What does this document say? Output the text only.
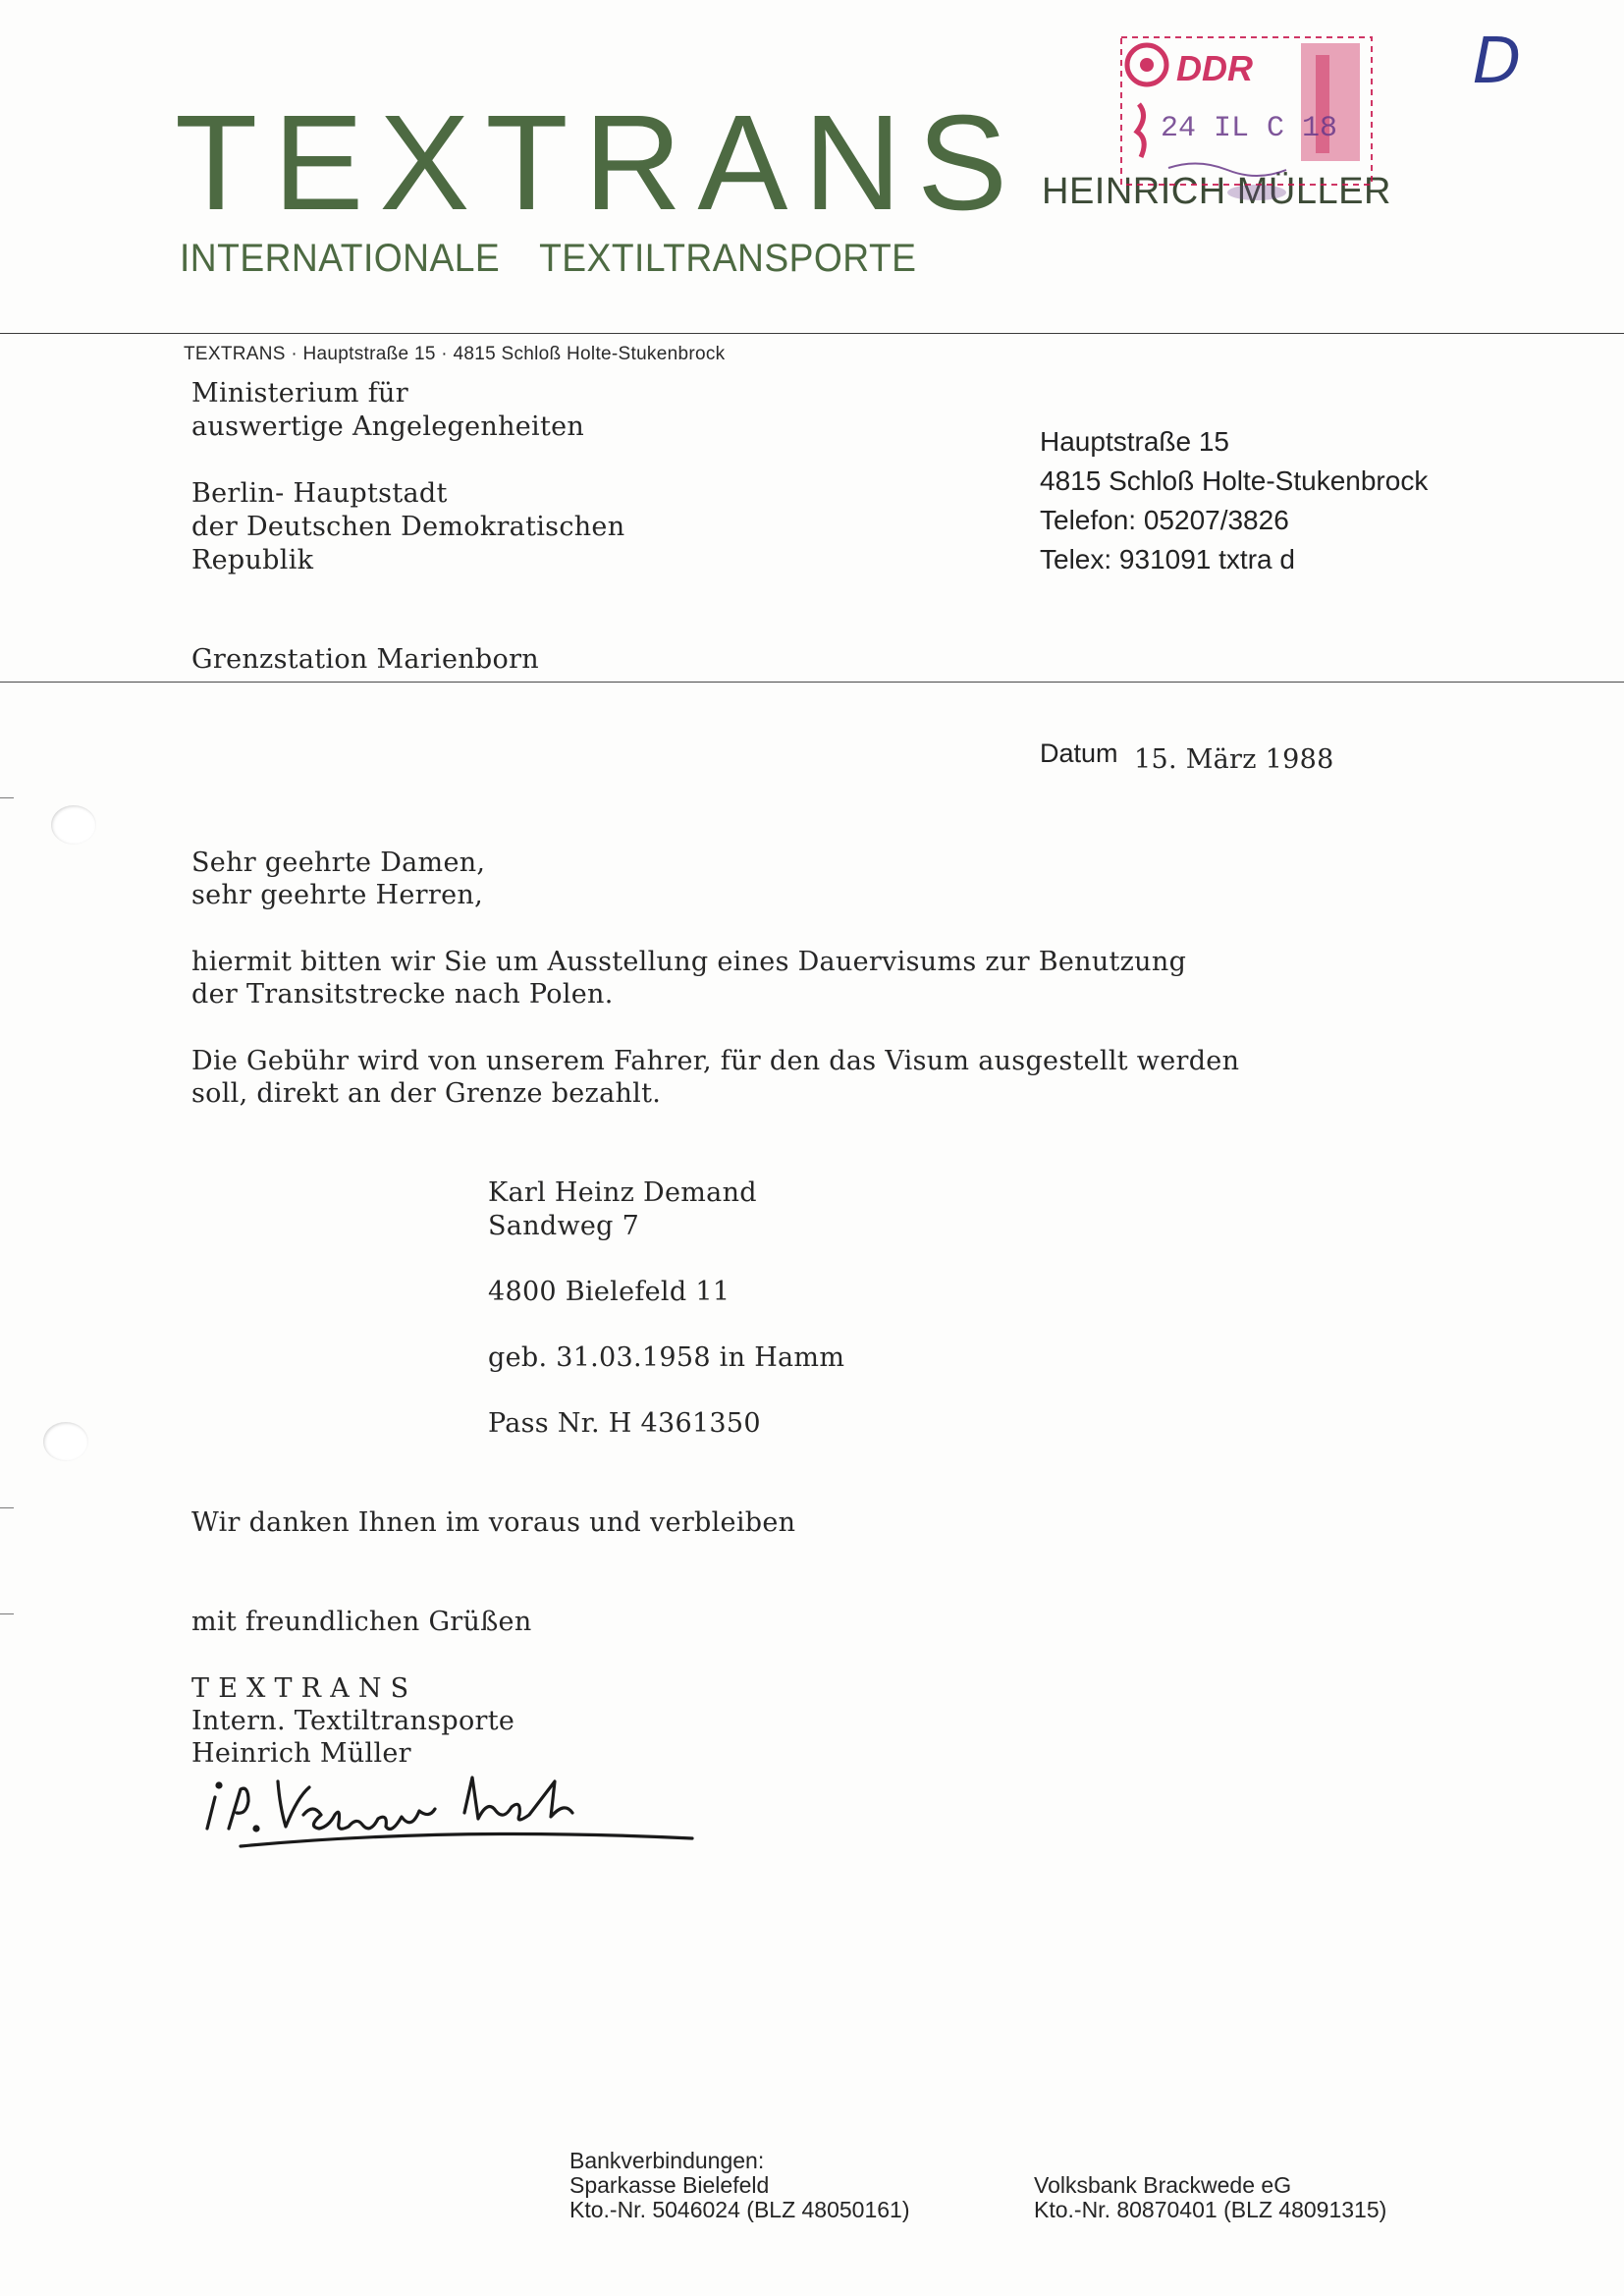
TEXTRANS
INTERNATIONALE TEXTILTRANSPORTE
HEINRICH MÜLLER
DDR
24 IL C 18
D
TEXTRANS · Hauptstraße 15 · 4815 Schloß Holte-Stukenbrock
Ministerium für
auswertige Angelegenheiten
Berlin- Hauptstadt
der Deutschen Demokratischen
Republik
Hauptstraße 15
4815 Schloß Holte-Stukenbrock
Telefon: 05207/3826
Telex: 931091 txtra d
Grenzstation Marienborn
Datum 15. März 1988
Sehr geehrte Damen,
sehr geehrte Herren,
hiermit bitten wir Sie um Ausstellung eines Dauervisums zur Benutzung
der Transitstrecke nach Polen.
Die Gebühr wird von unserem Fahrer, für den das Visum ausgestellt werden
soll, direkt an der Grenze bezahlt.
Karl Heinz Demand
Sandweg 7
4800 Bielefeld 11
geb. 31.03.1958 in Hamm
Pass Nr. H 4361350
Wir danken Ihnen im voraus und verbleiben
mit freundlichen Grüßen
T E X T R A N S
Intern. Textiltransporte
Heinrich Müller
Bankverbindungen:
Sparkasse Bielefeld
Kto.-Nr. 5046024 (BLZ 48050161)
Volksbank Brackwede eG
Kto.-Nr. 80870401 (BLZ 48091315)
